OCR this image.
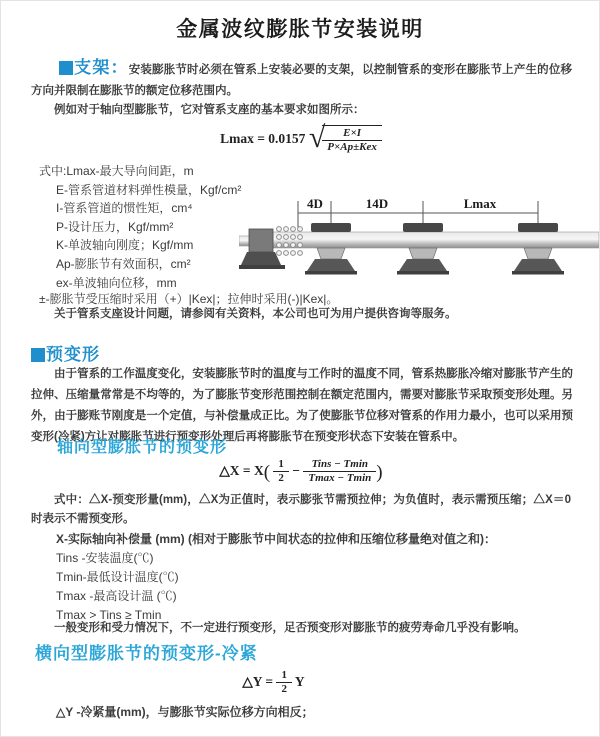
金属波纹膨胀节安装说明
支架：安装膨胀节时必须在管系上安装必要的支架，以控制管系的变形在膨胀节上产生的位移方向并限制在膨胀节的额定位移范围内。
例如对于轴向型膨胀节，它对管系支座的基本要求如图所示：
Lmax = 0.0157 √
$\frac{E\times I}{\text{P×Ap±Kex}}$
式中:Lmax-最大导向间距，m
E-管系管道材料弹性模量，Kgf/cm²
I-管系管道的惯性矩，cm⁴
P-设计压力，Kgf/mm²
K-单波轴向刚度；Kgf/mm
Ap-膨胀节有效面积，cm²
ex-单波轴向位移，mm
±-膨胀节受压缩时采用（+）|Kex|；拉伸时采用(-)|Kex|。
关于管系支座设计问题，请参阅有关资料，本公司也可为用户提供咨询等服务。
4D	14D	Lmax
预变形
由于管系的工作温度变化，安装膨胀节时的温度与工作时的温度不同，管系热膨胀冷缩对膨胀节产生的拉伸、压缩量常常是不均等的，为了膨胀节变形范围控制在额定范围内，需要对膨胀节采取预变形处理。另外，由于膨账节刚度是一个定值，与补偿量成正比。为了使膨胀节位移对管系的作用力最小，也可以采用预变形(冷紧)方让对膨胀节进行预变形处理后再将膨胀节在预变形状态下安装在管系中。
轴向型膨胀节的预变形
△X = $X( \frac{1}{2} - \frac{\text{Tins − Tmin}}{Tmax - Tmin}$ )
式中：△X-预变形量(mm)，△X为正值时，表示膨张节需预拉伸；为负值时，表示需预压缩；△X＝0时表示不需预变形。
X-实际轴向补偿量 (mm) (相对于膨胀节中间状态的拉伸和压缩位移量绝对值之和)：
Tins -安装温度(℃)
Tmin-最低设计温度(℃)
Tmax -最高设计温 (℃)
Tmax > Tins ≥ Tmin
一般变形和受力情况下，不一定进行预变形，足否预变形对膨胀节的疲劳寿命几乎没有影响。
横向型膨胀节的预变形-冷紧
△Y = $\frac{1}{2}$ Y
△Y -冷紧量(mm)，与膨胀节实际位移方向相反；
